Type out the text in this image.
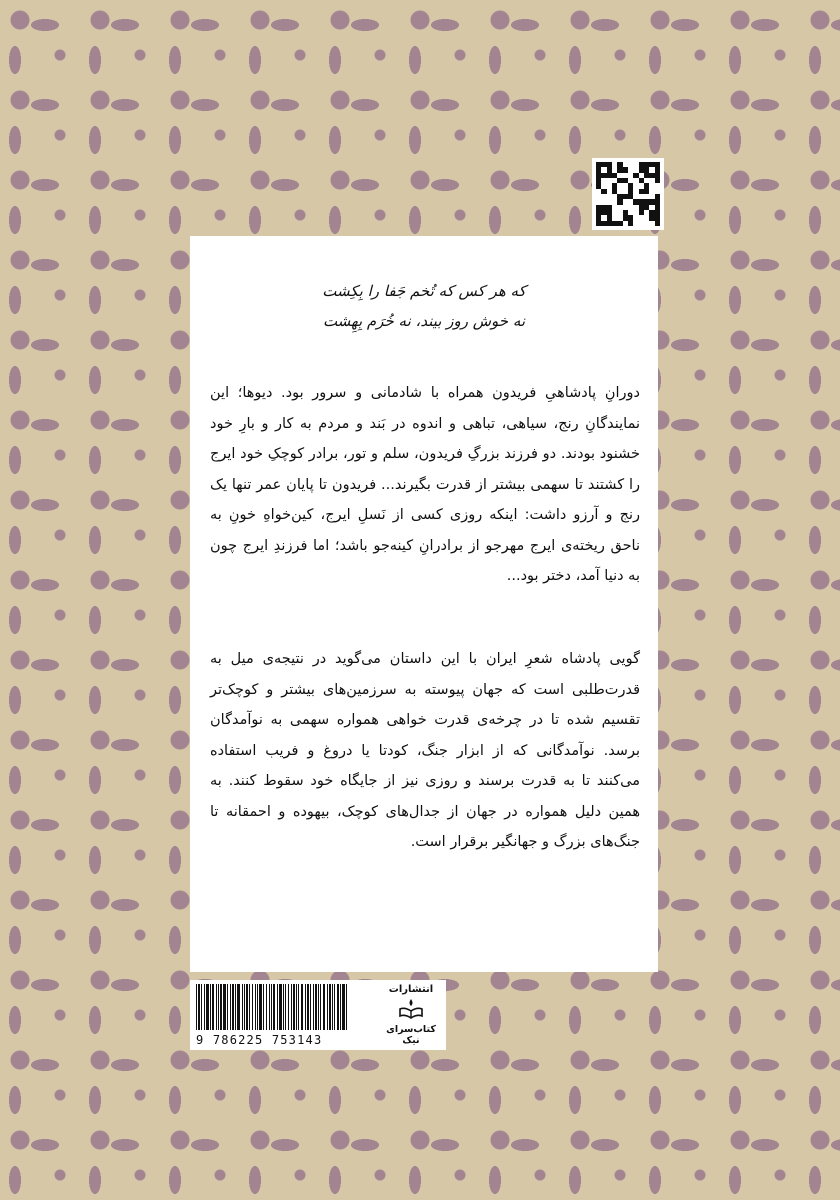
که هر کس که تُخم جَفا را بِکِشت
نه خوش روز بیند، نه خُرَم بِهِشت

دورانِ پادشاهیِ فریدون همراه با شادمانی و سرور بود. دیوها؛ این نمایندگانِ رنج، سیاهی، تباهی و اندوه در بَند و مردم به کار و بارِ خود خشنود بودند. دو فرزند بزرگِ فریدون، سلم و تور، برادر کوچکِ خود ایرج را کشتند تا سهمی بیشتر از قدرت بگیرند... فریدون تا پایان عمر تنها یک رنج و آرزو داشت: اینکه روزی کسی از نَسلِ ایرج، کین‌خواهِ خونِ به ناحق ریخته‌ی ایرج مهرجو از برادرانِ کینه‌جو باشد؛ اما فرزندِ ایرج چون به دنیا آمد، دختر بود...

گویی پادشاه شعرِ ایران با این داستان می‌گوید در نتیجه‌ی میل به قدرت‌طلبی است که جهان پیوسته به سرزمین‌های بیشتر و کوچک‌تر تقسیم شده تا در چرخه‌ی قدرت خواهی همواره سهمی به نوآمدگان برسد. نوآمدگانی که از ابزار جنگ، کودتا یا دروغ و فریب استفاده می‌کنند تا به قدرت برسند و روزی نیز از جایگاه خود سقوط کنند. به همین دلیل همواره در جهان از جدال‌های کوچک، بیهوده و احمقانه تا جنگ‌های بزرگ و جهانگیر برقرار است.

9 786225 753143
انتشارات
کتاب‌سرای نیک
